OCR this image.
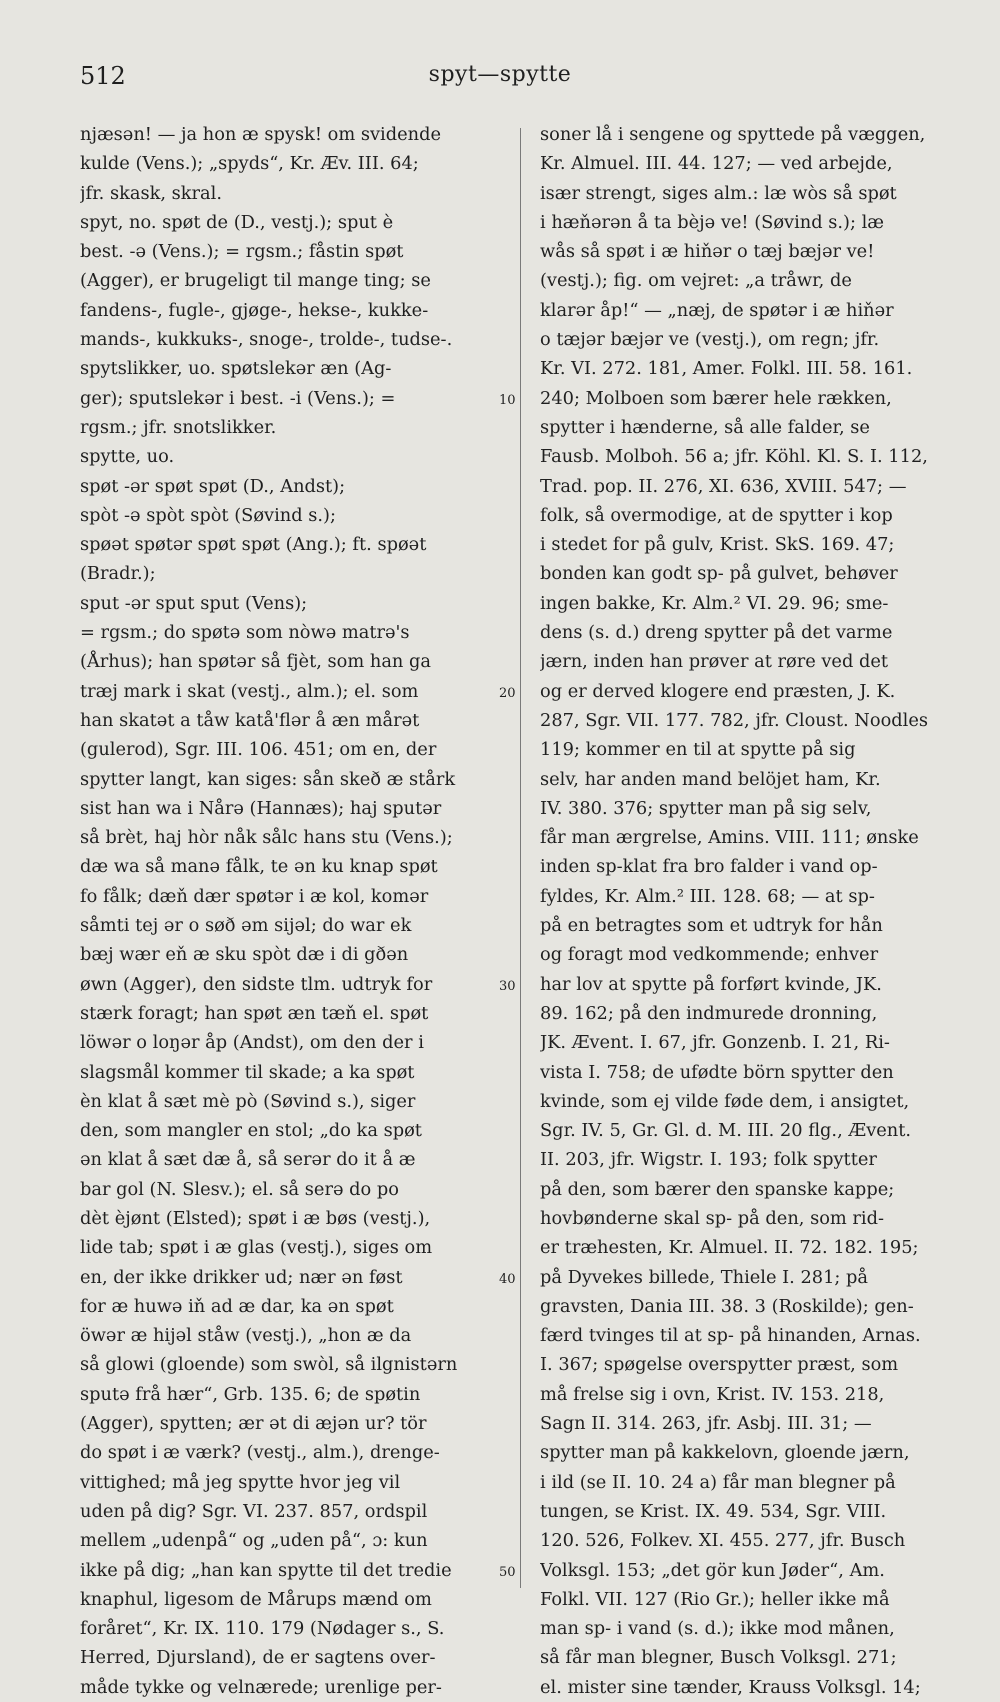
512	spyt—spytte
njæsən! — ja hon æ spysk! om svidende
kulde (Vens.); „spyds“, Kr. Æv. III. 64;
jfr. skask, skral.
spyt, no. spøt de (D., vestj.); sput è
best. -ə (Vens.); = rgsm.; fåstin spøt
(Agger), er brugeligt til mange ting; se
fandens-, fugle-, gjøge-, hekse-, kukke-
mands-, kukkuks-, snoge-, trolde-, tudse-.
spytslikker, uo. spøtslekər æn (Ag-
ger); sputslekər i best. -i (Vens.); =
rgsm.; jfr. snotslikker.
spytte, uo.
spøt -ər spøt spøt (D., Andst);
spòt -ə spòt spòt (Søvind s.);
spøət spøtər spøt spøt (Ang.); ft. spøət
(Bradr.);
sput -ər sput sput (Vens);
= rgsm.; do spøtə som nòwə matrə's
(Århus); han spøtər så fjèt, som han ga
træj mark i skat (vestj., alm.); el. som
han skatət a tåw katå'flər å æn mårət
(gulerod), Sgr. III. 106. 451; om en, der
spytter langt, kan siges: sån skeð æ stårk
sist han wa i Nårə (Hannæs); haj sputər
så brèt, haj hòr nåk sålc hans stu (Vens.);
dæ wa så manə fålk, te ən ku knap spøt
fo fålk; dæň dær spøtər i æ kol, komər
såmti tej ər o søð əm sijəl; do war ek
bæj wær eň æ sku spòt dæ i di gðən
øwn (Agger), den sidste tlm. udtryk for
stærk foragt; han spøt æn tæň el. spøt
löwər o loŋər åp (Andst), om den der i
slagsmål kommer til skade; a ka spøt
èn klat å sæt mè pò (Søvind s.), siger
den, som mangler en stol; „do ka spøt
ən klat å sæt dæ å, så serər do it å æ
bar gol (N. Slesv.); el. så serə do po
dèt èjønt (Elsted); spøt i æ bøs (vestj.),
lide tab; spøt i æ glas (vestj.), siges om
en, der ikke drikker ud; nær ən føst
for æ huwə iň ad æ dar, ka ən spøt
öwər æ hijəl ståw (vestj.), „hon æ da
så glowi (gloende) som swòl, så ilgnistərn
sputə frå hær“, Grb. 135. 6; de spøtin
(Agger), spytten; ær ət di æjən ur? tör
do spøt i æ værk? (vestj., alm.), drenge-
vittighed; må jeg spytte hvor jeg vil
uden på dig? Sgr. VI. 237. 857, ordspil
mellem „udenpå“ og „uden på“, ɔ: kun
ikke på dig; „han kan spytte til det tredie
knaphul, ligesom de Mårups mænd om
foråret“, Kr. IX. 110. 179 (Nødager s., S.
Herred, Djursland), de er sagtens over-
måde tykke og velnærede; urenlige per-
10
20
30
40
50
soner lå i sengene og spyttede på væggen,
Kr. Almuel. III. 44. 127; — ved arbejde,
især strengt, siges alm.: læ wòs så spøt
i hæňərən å ta bèjə ve! (Søvind s.); læ
wås så spøt i æ hiňər o tæj bæjər ve!
(vestj.); fig. om vejret: „a tråwr, de
klarər åp!“ — „næj, de spøtər i æ hiňər
o tæjər bæjər ve (vestj.), om regn; jfr.
Kr. VI. 272. 181, Amer. Folkl. III. 58. 161.
240; Molboen som bærer hele rækken,
spytter i hænderne, så alle falder, se
Fausb. Molboh. 56 a; jfr. Köhl. Kl. S. I. 112,
Trad. pop. II. 276, XI. 636, XVIII. 547; —
folk, så overmodige, at de spytter i kop
i stedet for på gulv, Krist. SkS. 169. 47;
bonden kan godt sp- på gulvet, behøver
ingen bakke, Kr. Alm.² VI. 29. 96; sme-
dens (s. d.) dreng spytter på det varme
jærn, inden han prøver at røre ved det
og er derved klogere end præsten, J. K.
287, Sgr. VII. 177. 782, jfr. Cloust. Noodles
119; kommer en til at spytte på sig
selv, har anden mand belöjet ham, Kr.
IV. 380. 376; spytter man på sig selv,
får man ærgrelse, Amins. VIII. 111; ønske
inden sp-klat fra bro falder i vand op-
fyldes, Kr. Alm.² III. 128. 68; — at sp-
på en betragtes som et udtryk for hån
og foragt mod vedkommende; enhver
har lov at spytte på forført kvinde, JK.
89. 162; på den indmurede dronning,
JK. Ævent. I. 67, jfr. Gonzenb. I. 21, Ri-
vista I. 758; de ufødte börn spytter den
kvinde, som ej vilde føde dem, i ansigtet,
Sgr. IV. 5, Gr. Gl. d. M. III. 20 flg., Ævent.
II. 203, jfr. Wigstr. I. 193; folk spytter
på den, som bærer den spanske kappe;
hovbønderne skal sp- på den, som rid-
er træhesten, Kr. Almuel. II. 72. 182. 195;
på Dyvekes billede, Thiele I. 281; på
gravsten, Dania III. 38. 3 (Roskilde); gen-
færd tvinges til at sp- på hinanden, Arnas.
I. 367; spøgelse overspytter præst, som
må frelse sig i ovn, Krist. IV. 153. 218,
Sagn II. 314. 263, jfr. Asbj. III. 31; —
spytter man på kakkelovn, gloende jærn,
i ild (se II. 10. 24 a) får man blegner på
tungen, se Krist. IX. 49. 534, Sgr. VIII.
120. 526, Folkev. XI. 455. 277, jfr. Busch
Volksgl. 153; „det gör kun Jøder“, Am.
Folkl. VII. 127 (Rio Gr.); heller ikke må
man sp- i vand (s. d.); ikke mod månen,
så får man blegner, Busch Volksgl. 271;
el. mister sine tænder, Krauss Volksgl. 14;
